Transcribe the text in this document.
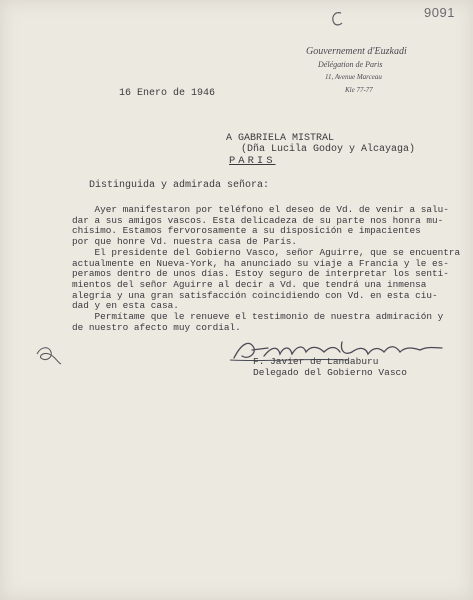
9091
Gouvernement d'Euzkadi
Délégation de Paris
11, Avenue Marceau
Kle 77-77
16 Enero de 1946
A GABRIELA MISTRAL
(Dña Lucila Godoy y Alcayaga)
PARIS
Distinguida y admirada señora:
Ayer manifestaron por teléfono el deseo de Vd. de venir a salu-
dar a sus amigos vascos. Esta delicadeza de su parte nos honra mu-
chísimo. Estamos fervorosamente a su disposición e impacientes
por que honre Vd. nuestra casa de París.
El presidente del Gobierno Vasco, señor Aguirre, que se encuentra
actualmente en Nueva-York, ha anunciado su viaje a Francia y le es-
peramos dentro de unos días. Estoy seguro de interpretar los senti-
mientos del señor Aguirre al decir a Vd. que tendrá una inmensa
alegría y una gran satisfacción coincidiendo con Vd. en esta ciu-
dad y en esta casa.
Permítame que le renueve el testimonio de nuestra admiración y
de nuestro afecto muy cordial.
F. Javier de Landaburu
Delegado del Gobierno Vasco
